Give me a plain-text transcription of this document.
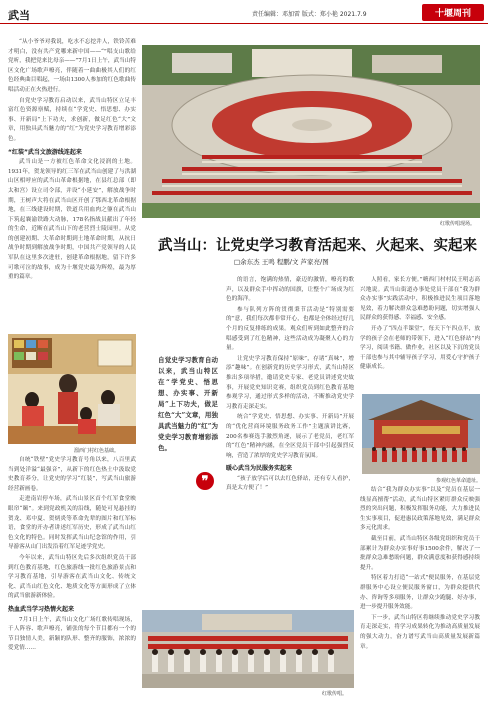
武当	责任编辑：邓加雷 版式：郑小艳 2021.7.9	十堰周刊

“从小爷爷对我说，吃水不忘挖井人，铁铃苦难才明白，没有共产党哪来新中国——“”唱支山歌给党听，我把党来比母亲——”7月1日上午，武当山特区文化广场歌声嘹亮，伴随着一曲曲极其人们的红色经典曲目唱起，一场由1300人参加的红色歌曲传唱活动正在火热进行。

自党史学习教育启动以来，武当山特区立足丰富红色资源禀赋，持续在“学党史、悟思想、办实事、开新局”上下功夫，求创新，做足红色“大”文章，用独具武当魅力的“红”为党史学习教育增彩添色。

“红装”武当文旅游线连起来

武当山是一方被红色革命文化浸润的土地。1931年，贺龙领导的红三军在武当山创建了与洪湖山区相呼应的武当山革命根据地，在县红总部（即太和宫）设立司令部，并设“小延安”，解放战争时期，王树声大将在武当山区开创了鄂西北革命根据地，在三线建设时期，铁道兵用血肉之躯在武当山下筑起襄渝铁路大动脉，178名指战员献出了年轻的生命，近断在武当山下的老营烈士陵园里。从党的创建初期、大革命时期到土地革命时期，从抗日战争时期到解放战争时期，中国共产党领导的人民军队在这里多次进驻，创建革命根据地，留下许多可歌可泣的故事，成为十堰党史最为辉煌，最为厚重的篇章。

溜西门村红色基础。

自统“铁壁”党史学习教育号角以来，八百里武当到处洋溢“最强音”，从新下的红色热土中汲取党史教育养分，让党史的学习“红装”，写武当山旅游经营新画卷。

走进南岩停车场，武当山景区首个红军食堂映眼帘“颐”。来到党政机关的沿线，随处可见悬挂的贺龙、邓中夏、贺炳炎等革命先辈的图片和红军标语，食堂的开办者讲述红军历史，形成了武当山红色文化的特色。同时发挥武当山纪念馆的作用，引导游客从山门出发沿着红军足迹学党史。

今年以来，武当山特区先后多次组织党员干部到红色教育基地，红色旅游线一批红色旅游景点和学习教育基地，引导游客在武当山文化、传统文化、武当山红色文化、地质文化等方面形成了立体的武当旅游新体验。

热血武当学习热情火起来

7月1日上午，武当山文化广场红歌传唱现场，千人阵容、歌声嘹亮，铺张的每个节目都有一个的节目独情人美，新颖的队形、整齐的服饰，浓浓的爱党情……

红歌传唱现场。
武当山：让党史学习教育活起来、火起来、实起来
□余东杰 王鸣 程鹏/文 芦家亮/图
自觉史学习教育自动以来，武当山特区在“学党史、悟思想、办实事、开新局”上下功夫，做足红色“大”文章，用独具武当魅力的“红”为党史学习教育增彩添色。
❞

的语言，饱满的热情，豪迈的激情，嘹亮的歌声，以及群众手中挥动的国旗，让整个广场成为红色的海洋。

参与队列方阵的贯彻秉节活动是“特别需要的”意，我们每次都非常开心，也都是全体经过好几个月的反复排练的成果。观众们听到如此整齐的合唱感受到了红色精神，这些活动成为凝聚人心的力量。

让党史学习教育保持“原味”，存诸“真味”，增添“趣味”。在创新党的历史学习形式，武当山特区推出多项举措，邀请党史专家、老党员讲述党史故事，开展党史知识竞赛，组织党员到红色教育基地参观学习，通过形式多样的活动，不断推动党史学习教育走深走实。

统合“学党史、悟思想、办实事、开新局”开展的“优化营商环境服务政务工作”主题演讲比赛，200名参赛选手激烈角逐，展示了老党员，老红军的“红色”精神内涵，在全区党员干部中引起强烈反响，营造了浓厚的党史学习教育氛围。

暖心武当为民服务实起来

“孩子放学后可以去红色驿站，还有专人看护，真是太方便了！”

人照看，家长方便。”嗨西门村村民王明志高兴地说。武当山街道办事处党员干部在“我为群众办实事”实践活动中，积极推进民生项目落地见效，着力解决群众急难愁盼问题，切实增强人民群众的获得感、幸福感、安全感。

开办了“四点半课堂”，每天下午四点半，放学的孩子会在老师的带领下，进入“红色驿站”内学习，阅读书籍、做作业，社区以及下沉的党员干部也参与其中辅导孩子学习，用爱心守护孩子健康成长。

参观红色革命遗址。

结合“我为群众办实事”以及“党员在基层一线显高擅帮”活动，武当山特区紧盯群众反映强烈的突出问题，积极发挥服务功能，大力推进民生实事项目，促进惠民政策落地见效，满足群众多元化需求。

截至目前，武当山特区各级党组织和党员干部累计为群众办实事好事1500余件，解决了一批群众急难愁盼问题，群众满意度和获得感持续提升。

特区着力打造“一站式”便民服务，在基层党群服务中心设立便民服务窗口，为群众提供代办、咨询等多项服务，让群众少跑腿、好办事，进一步提升服务效能。

下一步，武当山特区将继续推动党史学习教育走深走实，将学习成果转化为推动高质量发展的强大动力，奋力谱写武当山高质量发展新篇章。

红歌传唱。
